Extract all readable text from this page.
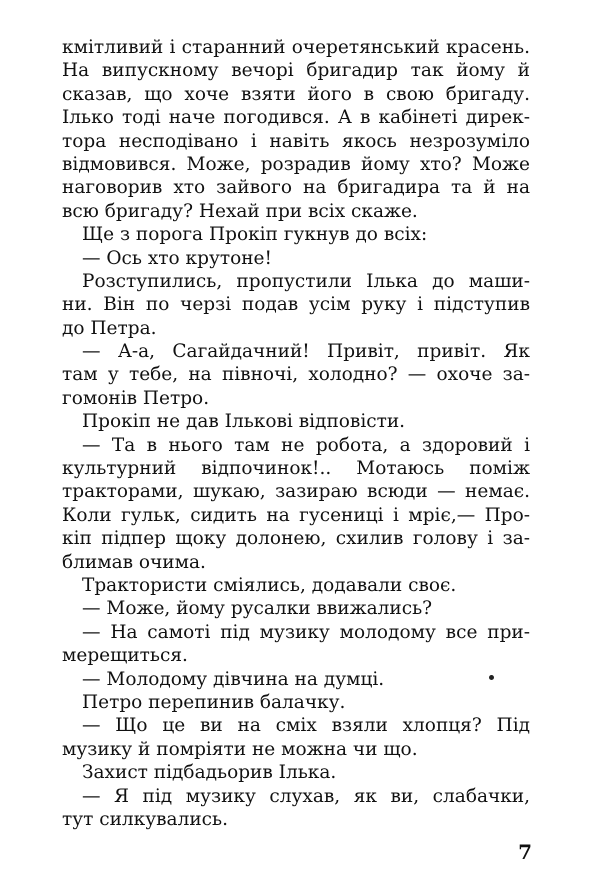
кмітливий і старанний очеретянський красень.
На випускному вечорі бригадир так йому й
сказав, що хоче взяти його в свою бригаду.
Ілько тоді наче погодився. А в кабінеті дирек-
тора несподівано і навіть якось незрозуміло
відмовився. Може, розрадив йому хто? Може
наговорив хто зайвого на бригадира та й на
всю бригаду? Нехай при всіх скаже.
Ще з порога Прокіп гукнув до всіх:
— Ось хто крутоне!
Розступились, пропустили Ілька до маши-
ни. Він по черзі подав усім руку і підступив
до Петра.
— А-а, Сагайдачний! Привіт, привіт. Як
там у тебе, на півночі, холодно? — охоче за-
гомонів Петро.
Прокіп не дав Ількові відповісти.
— Та в нього там не робота, а здоровий і
культурний відпочинок!.. Мотаюсь поміж
тракторами, шукаю, зазираю всюди — немає.
Коли гульк, сидить на гусениці і мріє,— Про-
кіп підпер щоку долонею, схилив голову і за-
блимав очима.
Трактористи сміялись, додавали своє.
— Може, йому русалки ввижались?
— На самоті під музику молодому все при-
мерещиться.
— Молодому дівчина на думці.
Петро перепинив балачку.
— Що це ви на сміх взяли хлопця? Під
музику й помріяти не можна чи що.
Захист підбадьорив Ілька.
— Я під музику слухав, як ви, слабачки,
тут силкувались.
7
